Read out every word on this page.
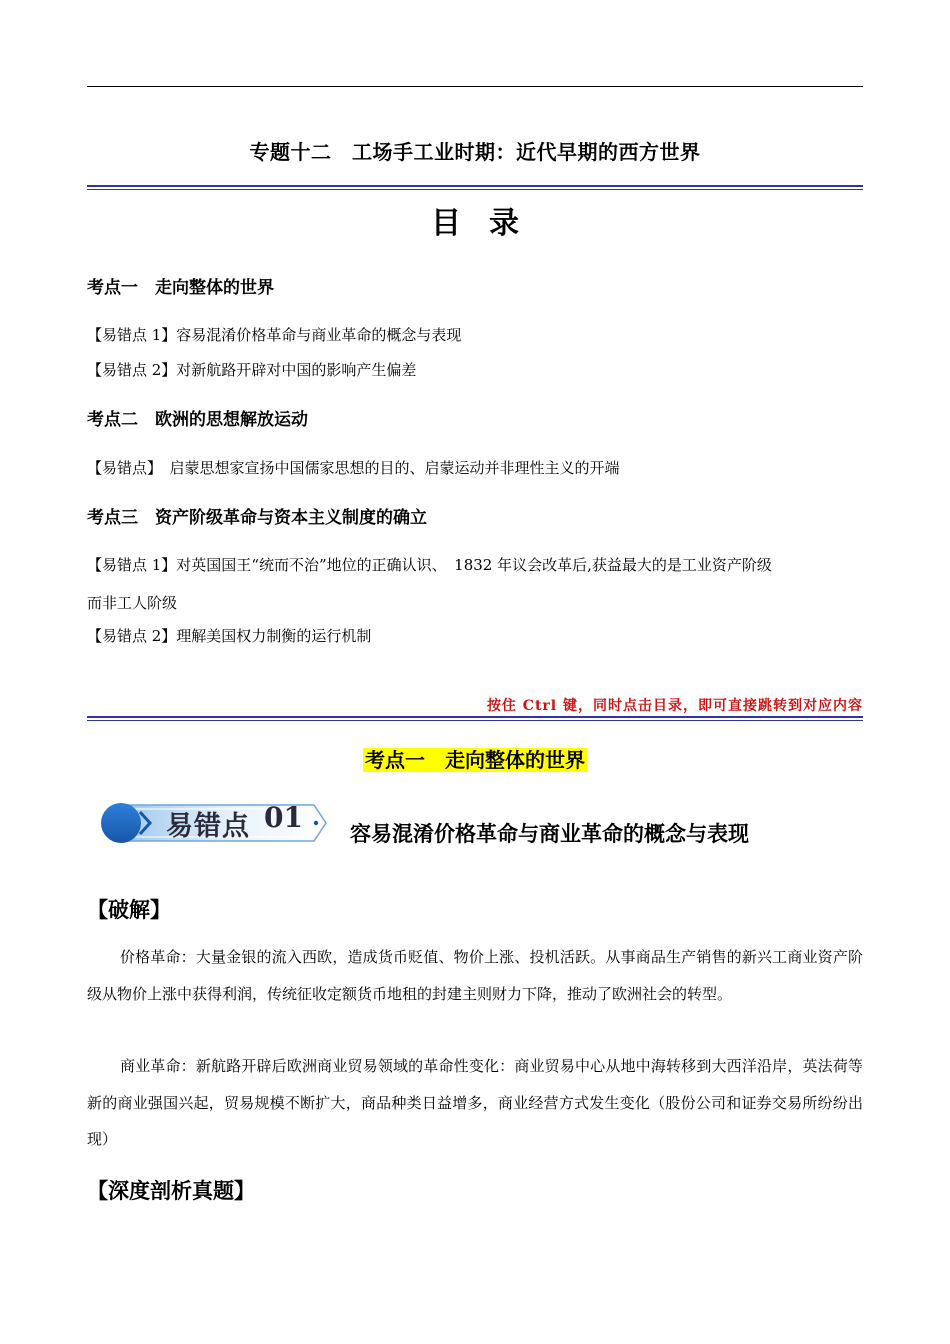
专题十二　工场手工业时期：近代早期的西方世界
目录
考点一　走向整体的世界
【易错点 1】容易混淆价格革命与商业革命的概念与表现
【易错点 2】对新航路开辟对中国的影响产生偏差
考点二　欧洲的思想解放运动
【易错点】　启蒙思想家宣扬中国儒家思想的目的、启蒙运动并非理性主义的开端
考点三　资产阶级革命与资本主义制度的确立
【易错点 1】对英国国王“统而不治”地位的正确认识、　1832 年议会改革后,获益最大的是工业资产阶级
而非工人阶级
【易错点 2】理解美国权力制衡的运行机制
按住 Ctrl 键，同时点击目录，即可直接跳转到对应内容
考点一　走向整体的世界
易错点 01 容易混淆价格革命与商业革命的概念与表现
【破解】
价格革命：大量金银的流入西欧，造成货币贬值、物价上涨、投机活跃。从事商品生产销售的新兴工商业资产阶级从物价上涨中获得利润，传统征收定额货币地租的封建主则财力下降，推动了欧洲社会的转型。
商业革命：新航路开辟后欧洲商业贸易领域的革命性变化：商业贸易中心从地中海转移到大西洋沿岸，英法荷等新的商业强国兴起，贸易规模不断扩大，商品种类日益增多，商业经营方式发生变化（股份公司和证券交易所纷纷出现）
【深度剖析真题】
